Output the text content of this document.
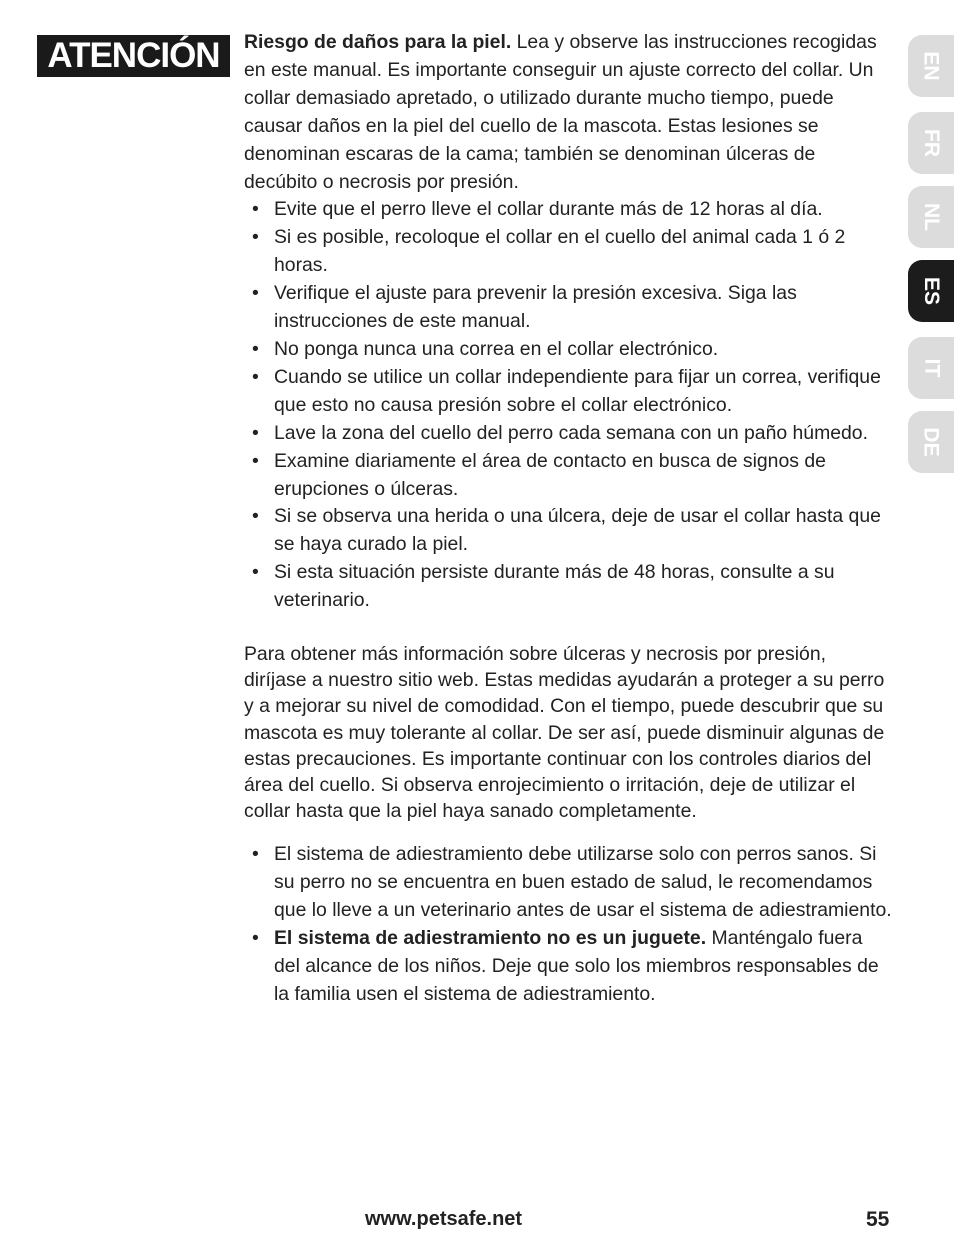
ATENCIÓN	Riesgo de daños para la piel. Lea y observe las instrucciones recogidas en este manual. Es importante conseguir un ajuste correcto del collar. Un collar demasiado apretado, o utilizado durante mucho tiempo, puede causar daños en la piel del cuello de la mascota. Estas lesiones se denominan escaras de la cama; también se denominan úlceras de decúbito o necrosis por presión.

• Evite que el perro lleve el collar durante más de 12 horas al día.
• Si es posible, recoloque el collar en el cuello del animal cada 1 ó 2 horas.
• Verifique el ajuste para prevenir la presión excesiva. Siga las instrucciones de este manual.
• No ponga nunca una correa en el collar electrónico.
• Cuando se utilice un collar independiente para fijar un correa, verifique que esto no causa presión sobre el collar electrónico.
• Lave la zona del cuello del perro cada semana con un paño húmedo.
• Examine diariamente el área de contacto en busca de signos de erupciones o úlceras.
• Si se observa una herida o una úlcera, deje de usar el collar hasta que se haya curado la piel.
• Si esta situación persiste durante más de 48 horas, consulte a su veterinario.

Para obtener más información sobre úlceras y necrosis por presión, diríjase a nuestro sitio web. Estas medidas ayudarán a proteger a su perro y a mejorar su nivel de comodidad. Con el tiempo, puede descubrir que su mascota es muy tolerante al collar. De ser así, puede disminuir algunas de estas precauciones. Es importante continuar con los controles diarios del área del cuello. Si observa enrojecimiento o irritación, deje de utilizar el collar hasta que la piel haya sanado completamente.

• El sistema de adiestramiento debe utilizarse solo con perros sanos. Si su perro no se encuentra en buen estado de salud, le recomendamos que lo lleve a un veterinario antes de usar el sistema de adiestramiento.
• El sistema de adiestramiento no es un juguete. Manténgalo fuera del alcance de los niños. Deje que solo los miembros responsables de la familia usen el sistema de adiestramiento.
EN
FR
NL
ES
IT
DE
www.petsafe.net	55
